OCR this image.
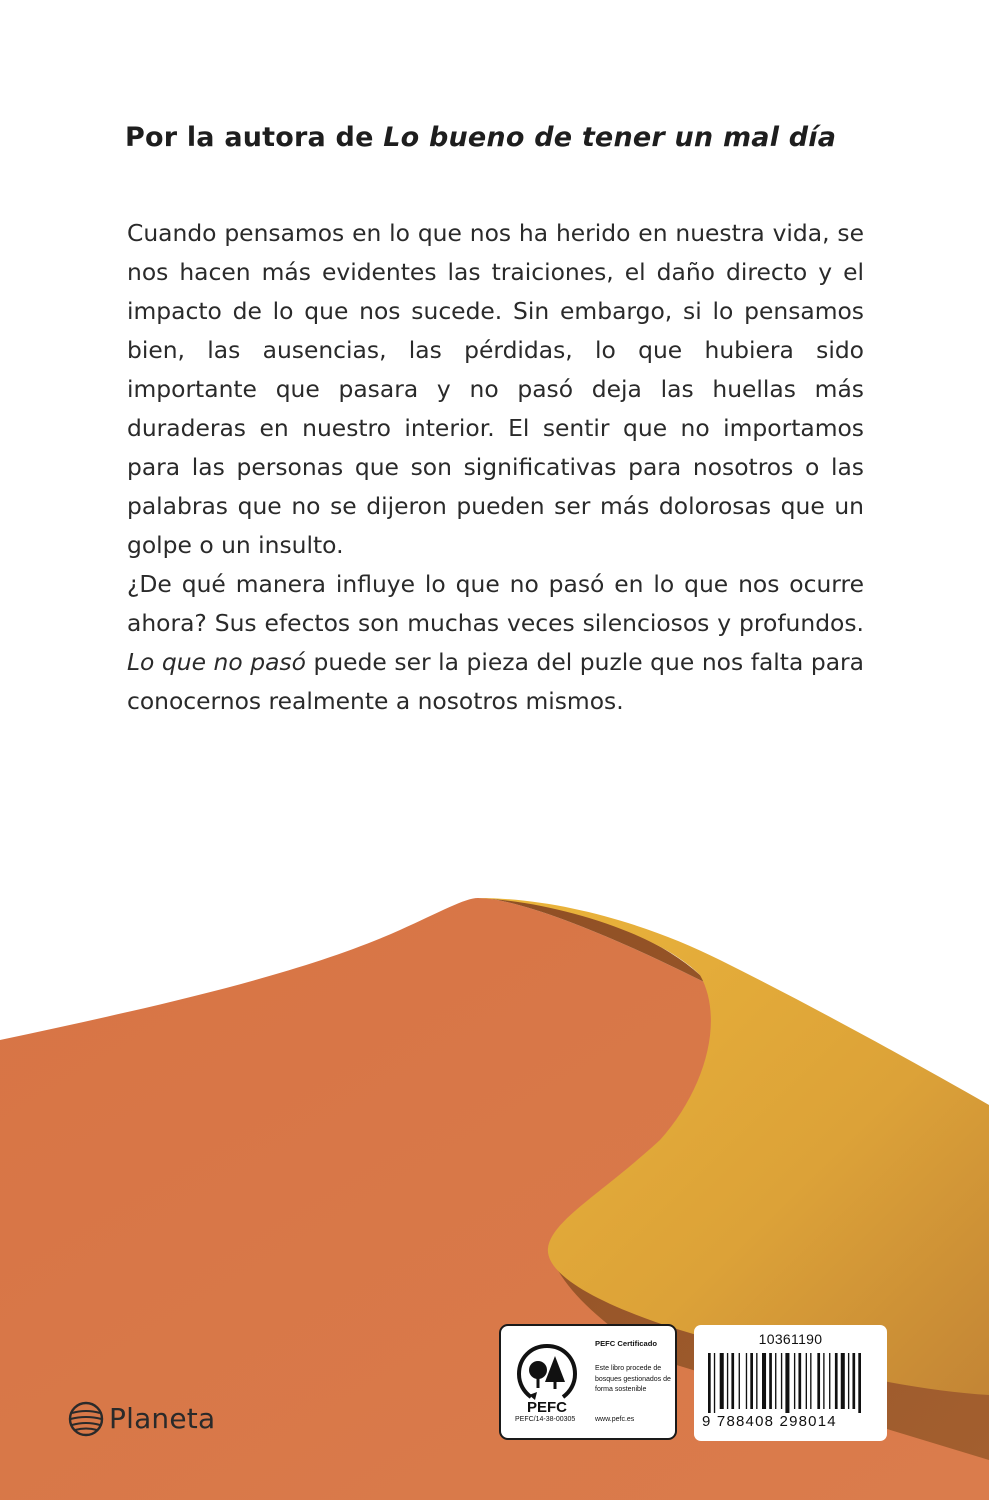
Por la autora de Lo bueno de tener un mal día

Cuando pensamos en lo que nos ha herido en nuestra vida, se nos hacen más evidentes las traiciones, el daño directo y el impacto de lo que nos sucede. Sin embargo, si lo pensamos bien, las ausencias, las pérdidas, lo que hubiera sido importante que pasara y no pasó deja las huellas más duraderas en nuestro interior. El sentir que no importamos para las personas que son significativas para nosotros o las palabras que no se dijeron pueden ser más dolorosas que un golpe o un insulto.

¿De qué manera influye lo que no pasó en lo que nos ocurre ahora? Sus efectos son muchas veces silenciosos y profundos. Lo que no pasó puede ser la pieza del puzle que nos falta para conocernos realmente a nosotros mismos.

PEFC
PEFC Certificado
Este libro procede de bosques gestionados de forma sostenible
PEFC/14-38-00305	www.pefc.es
10361190
9 788408 298014
Planeta
